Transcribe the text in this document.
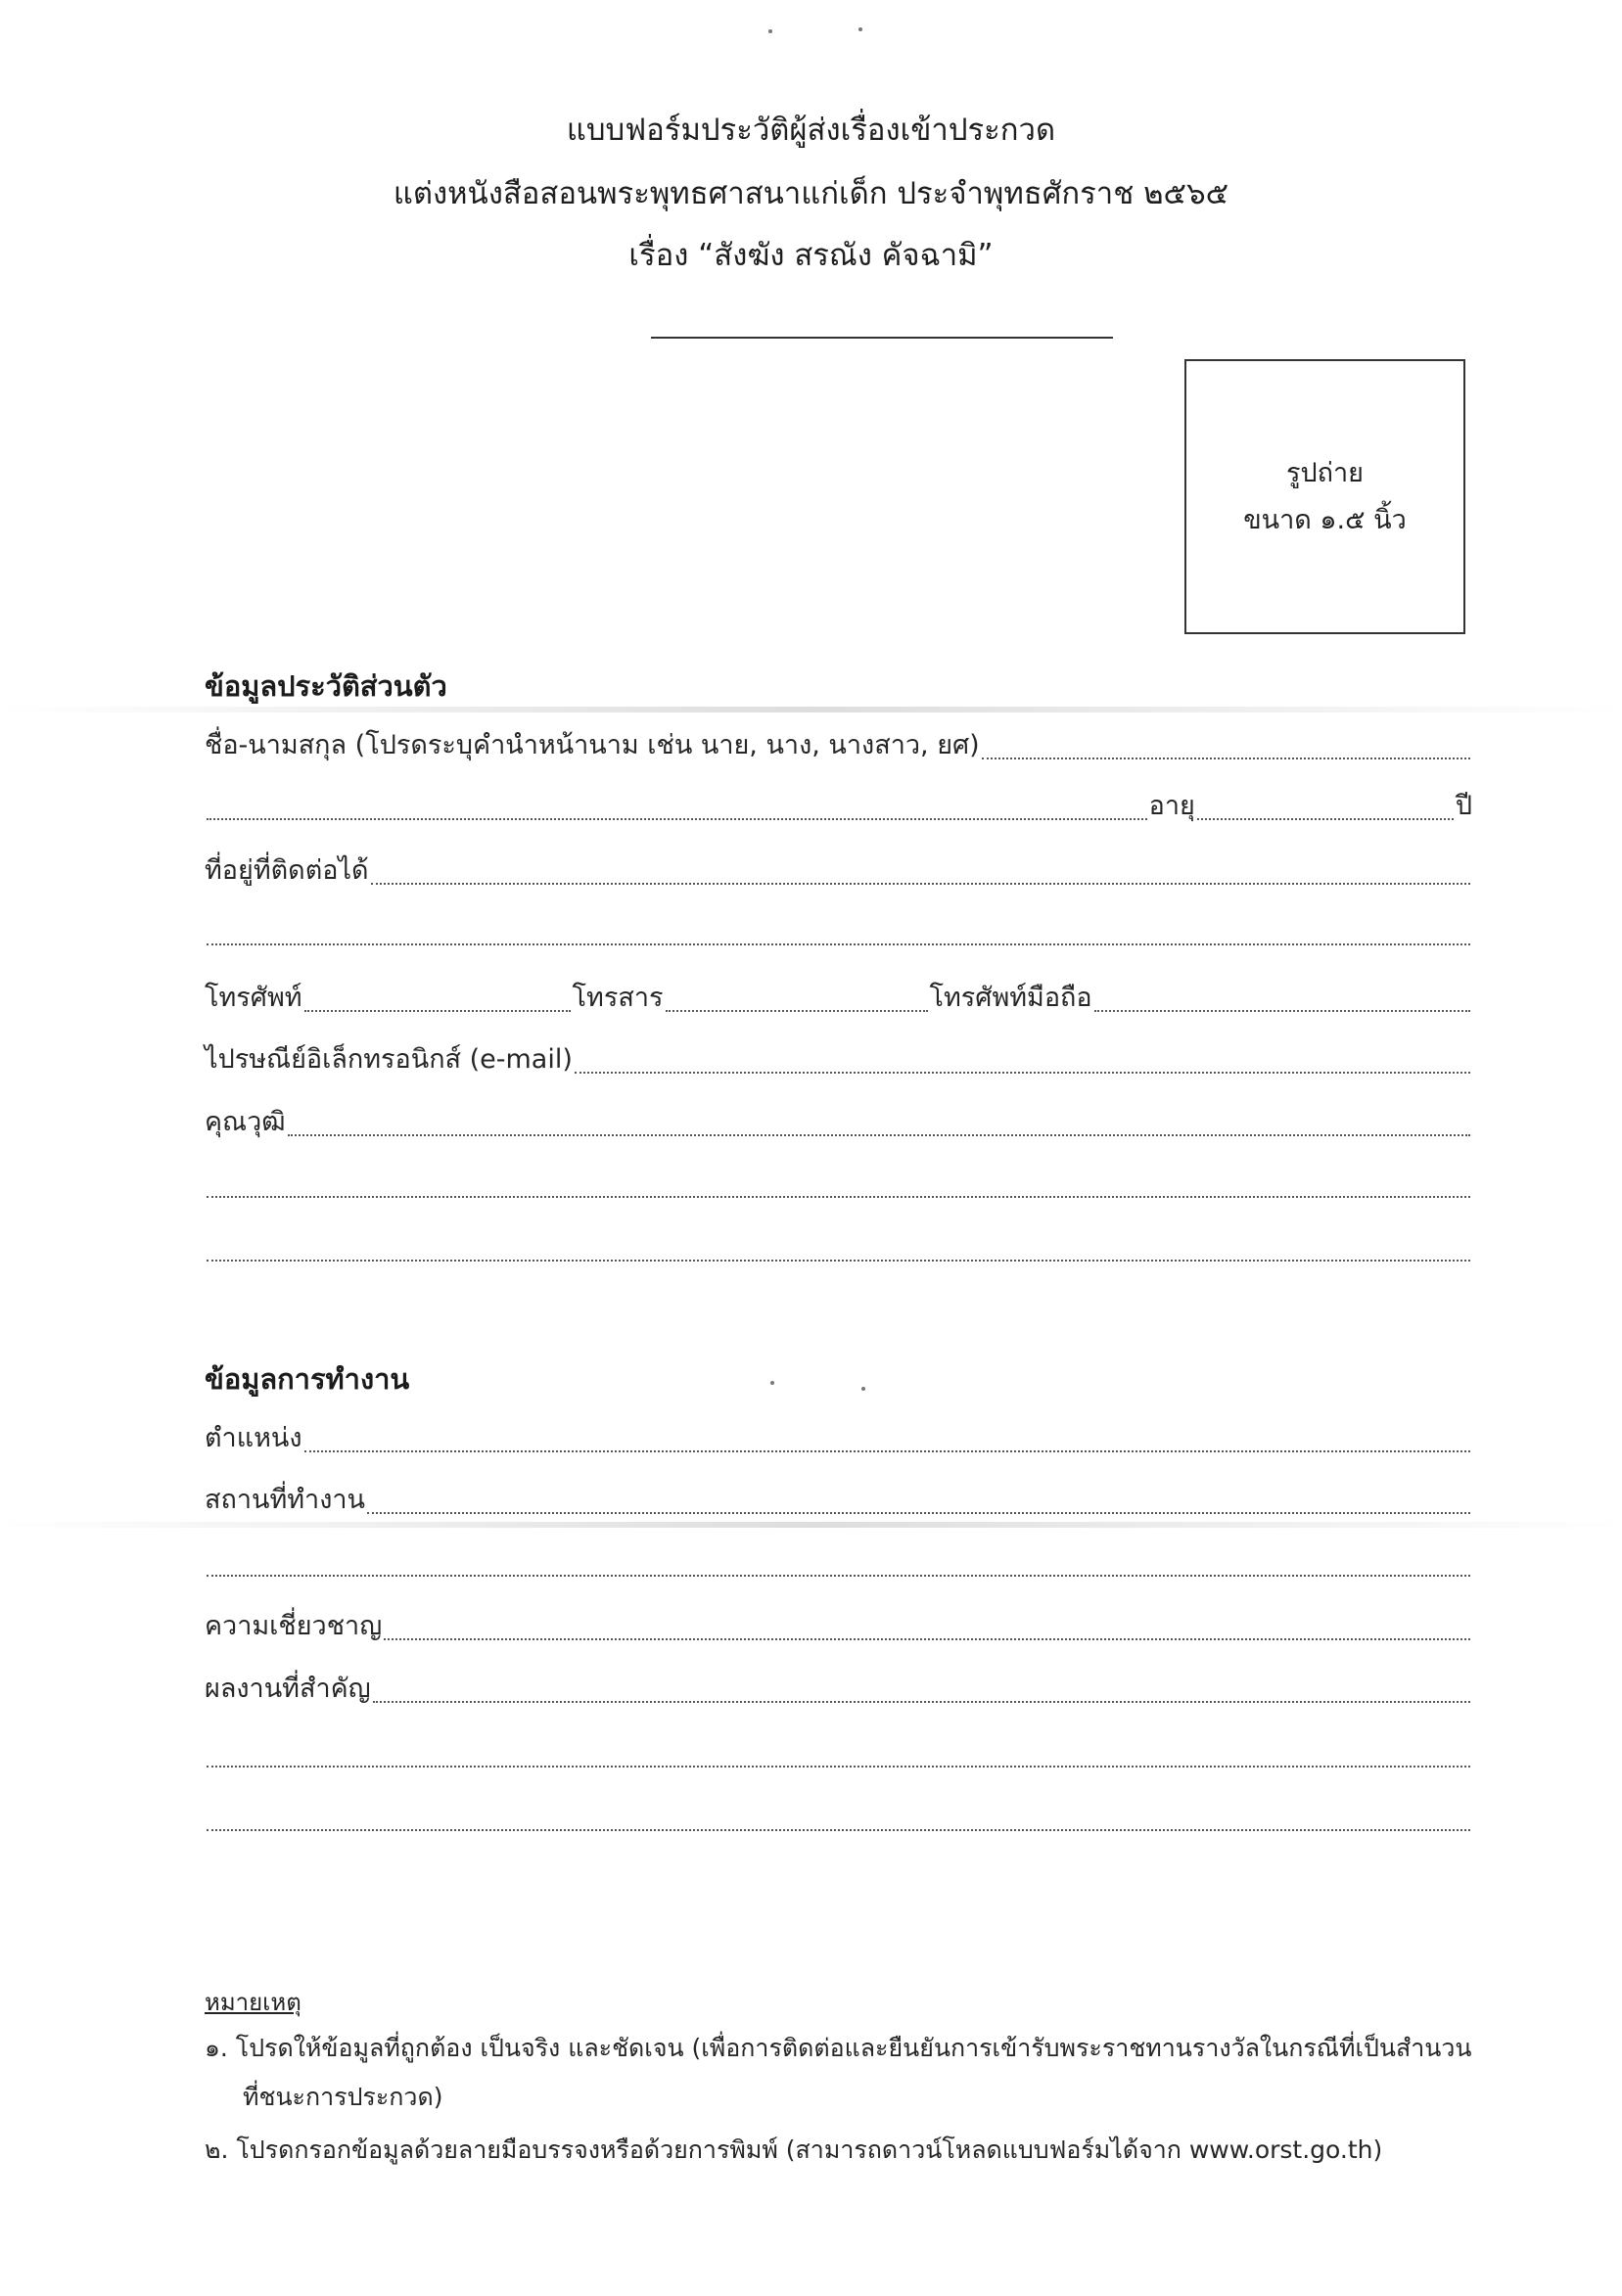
แบบฟอร์มประวัติผู้ส่งเรื่องเข้าประกวด
แต่งหนังสือสอนพระพุทธศาสนาแก่เด็ก ประจำพุทธศักราช ๒๕๖๕
เรื่อง “สังฆัง สรณัง คัจฉามิ”
รูปถ่าย
ขนาด ๑.๕ นิ้ว
ข้อมูลประวัติส่วนตัว
ชื่อ-นามสกุล (โปรดระบุคำนำหน้านาม เช่น นาย, นาง, นางสาว, ยศ)
อายุ	ปี
ที่อยู่ที่ติดต่อได้
โทรศัพท์	โทรสาร	โทรศัพท์มือถือ
ไปรษณีย์อิเล็กทรอนิกส์ (e-mail)
คุณวุฒิ
ข้อมูลการทำงาน
ตำแหน่ง
สถานที่ทำงาน
ความเชี่ยวชาญ
ผลงานที่สำคัญ
หมายเหตุ
๑. โปรดให้ข้อมูลที่ถูกต้อง เป็นจริง และชัดเจน (เพื่อการติดต่อและยืนยันการเข้ารับพระราชทานรางวัลในกรณีที่เป็นสำนวน
ที่ชนะการประกวด)
๒. โปรดกรอกข้อมูลด้วยลายมือบรรจงหรือด้วยการพิมพ์ (สามารถดาวน์โหลดแบบฟอร์มได้จาก www.orst.go.th)
